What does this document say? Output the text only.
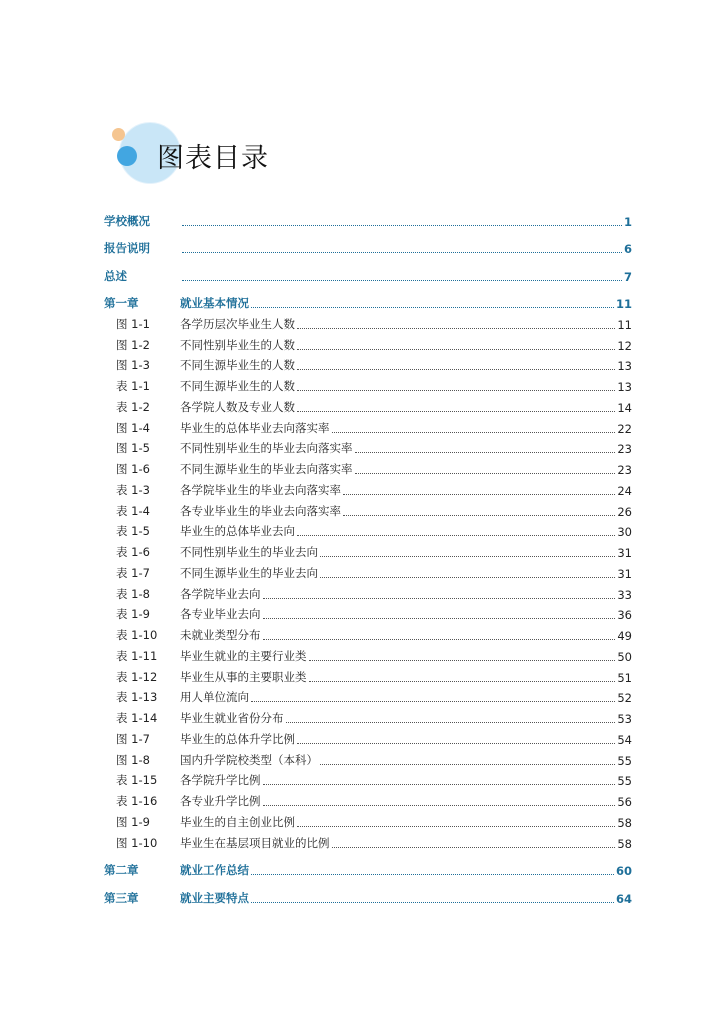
图表目录
学校概况	1
报告说明	6
总述	7
第一章	就业基本情况	11
图 1-1	各学历层次毕业生人数	11
图 1-2	不同性别毕业生的人数	12
图 1-3	不同生源毕业生的人数	13
表 1-1	不同生源毕业生的人数	13
表 1-2	各学院人数及专业人数	14
图 1-4	毕业生的总体毕业去向落实率	22
图 1-5	不同性别毕业生的毕业去向落实率	23
图 1-6	不同生源毕业生的毕业去向落实率	23
表 1-3	各学院毕业生的毕业去向落实率	24
表 1-4	各专业毕业生的毕业去向落实率	26
表 1-5	毕业生的总体毕业去向	30
表 1-6	不同性别毕业生的毕业去向	31
表 1-7	不同生源毕业生的毕业去向	31
表 1-8	各学院毕业去向	33
表 1-9	各专业毕业去向	36
表 1-10	未就业类型分布	49
表 1-11	毕业生就业的主要行业类	50
表 1-12	毕业生从事的主要职业类	51
表 1-13	用人单位流向	52
表 1-14	毕业生就业省份分布	53
图 1-7	毕业生的总体升学比例	54
图 1-8	国内升学院校类型（本科）	55
表 1-15	各学院升学比例	55
表 1-16	各专业升学比例	56
图 1-9	毕业生的自主创业比例	58
图 1-10	毕业生在基层项目就业的比例	58
第二章	就业工作总结	60
第三章	就业主要特点	64
